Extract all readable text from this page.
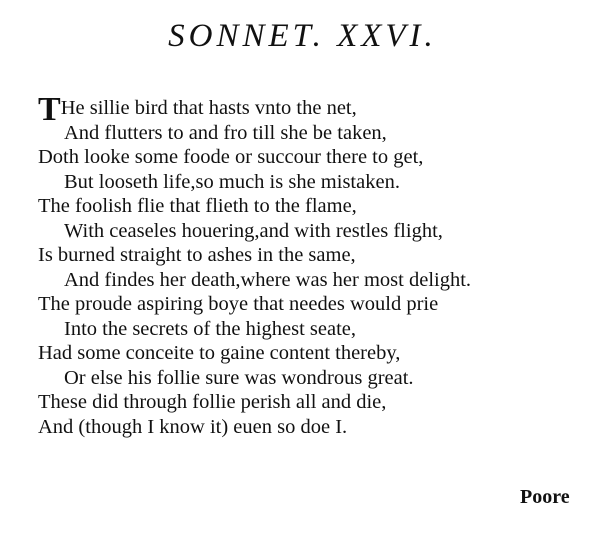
SONNET. XXVI.
THe sillie bird that hasts vnto the net,
And flutters to and fro till she be taken,
Doth looke some foode or succour there to get,
But looseth life,so much is she mistaken.
The foolish flie that flieth to the flame,
With ceaseles houering,and with restles flight,
Is burned straight to ashes in the same,
And findes her death,where was her most delight.
The proude aspiring boye that needes would prie
Into the secrets of the highest seate,
Had some conceite to gaine content thereby,
Or else his follie sure was wondrous great.
These did through follie perish all and die,
And (though I know it) euen so doe I.
Poore
